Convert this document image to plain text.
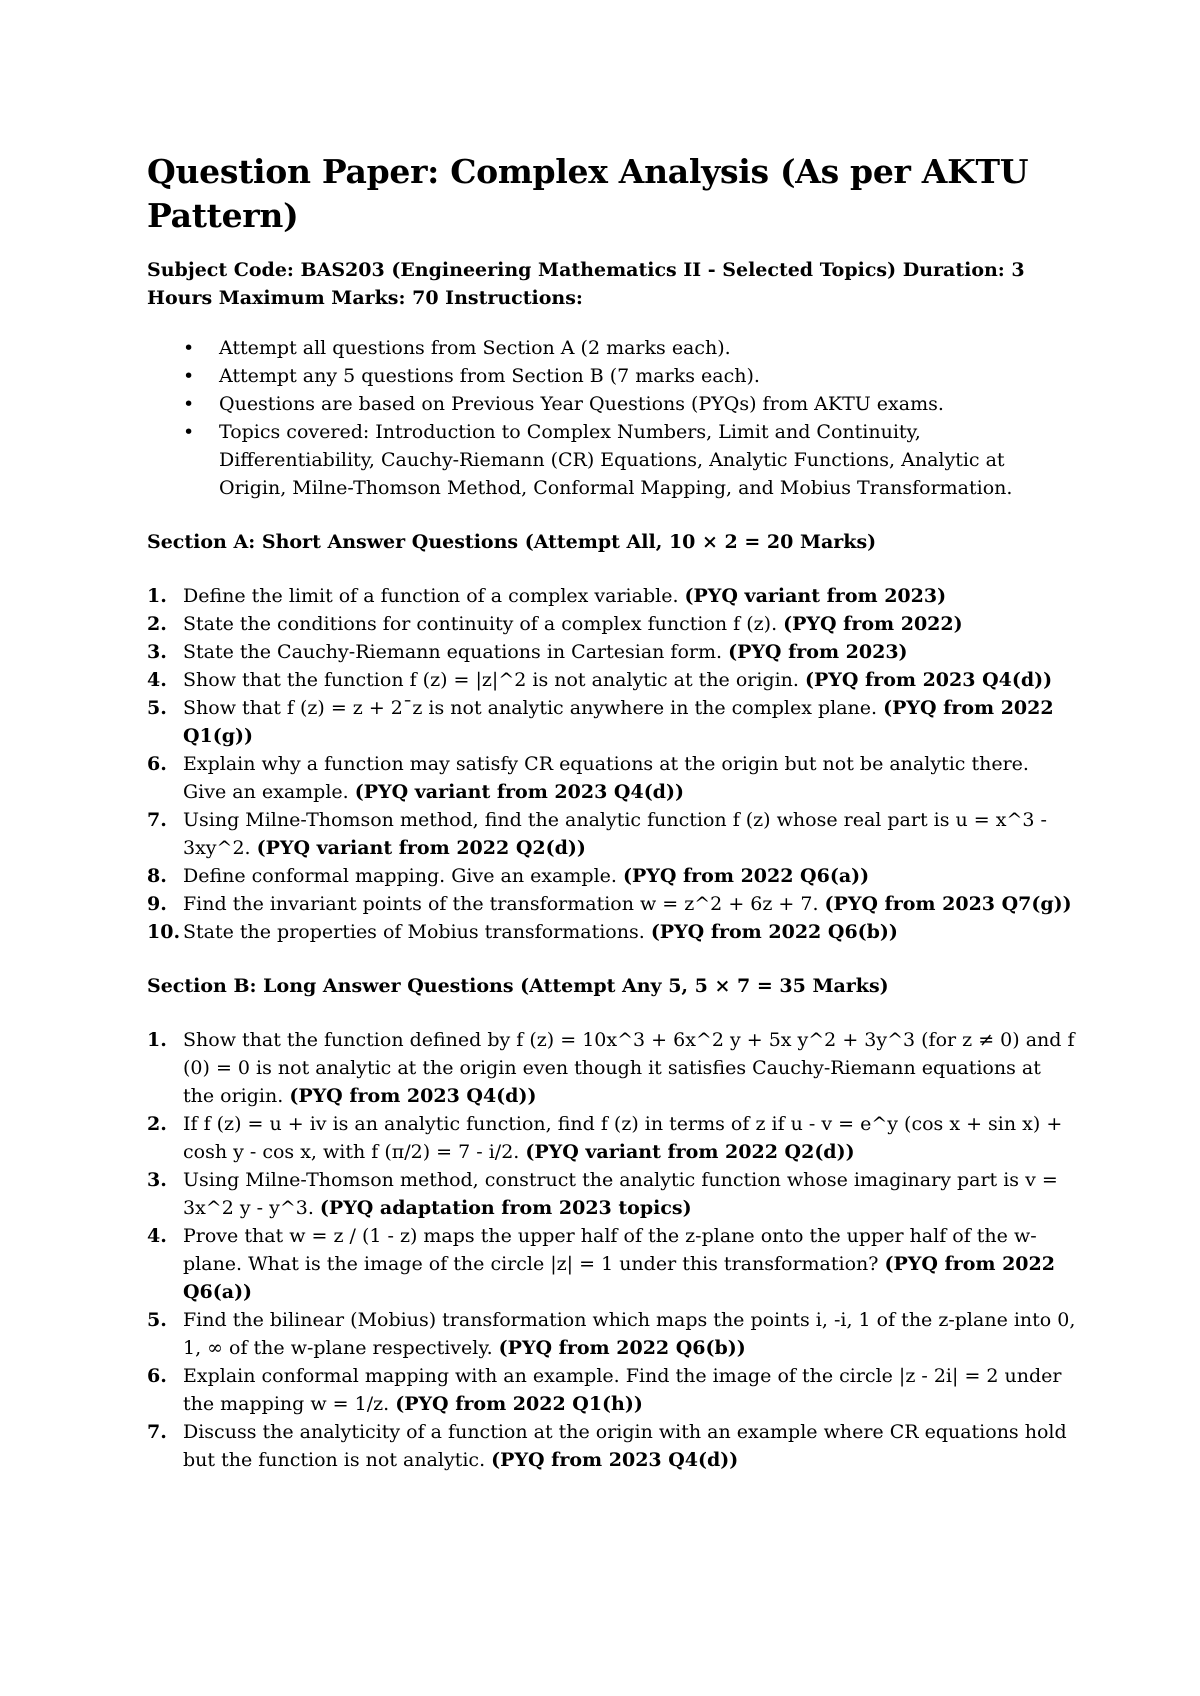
Question Paper: Complex Analysis (As per AKTU Pattern)

Subject Code: BAS203 (Engineering Mathematics II - Selected Topics) Duration: 3 Hours Maximum Marks: 70 Instructions:

• Attempt all questions from Section A (2 marks each).
• Attempt any 5 questions from Section B (7 marks each).
• Questions are based on Previous Year Questions (PYQs) from AKTU exams.
• Topics covered: Introduction to Complex Numbers, Limit and Continuity, Differentiability, Cauchy-Riemann (CR) Equations, Analytic Functions, Analytic at Origin, Milne-Thomson Method, Conformal Mapping, and Mobius Transformation.

Section A: Short Answer Questions (Attempt All, 10 × 2 = 20 Marks)

1. Define the limit of a function of a complex variable. (PYQ variant from 2023)
2. State the conditions for continuity of a complex function f (z). (PYQ from 2022)
3. State the Cauchy-Riemann equations in Cartesian form. (PYQ from 2023)
4. Show that the function f (z) = |z|^2 is not analytic at the origin. (PYQ from 2023 Q4(d))
5. Show that f (z) = z + 2¯z is not analytic anywhere in the complex plane. (PYQ from 2022 Q1(g))
6. Explain why a function may satisfy CR equations at the origin but not be analytic there. Give an example. (PYQ variant from 2023 Q4(d))
7. Using Milne-Thomson method, find the analytic function f (z) whose real part is u = x^3 - 3xy^2. (PYQ variant from 2022 Q2(d))
8. Define conformal mapping. Give an example. (PYQ from 2022 Q6(a))
9. Find the invariant points of the transformation w = z^2 + 6z + 7. (PYQ from 2023 Q7(g))
10. State the properties of Mobius transformations. (PYQ from 2022 Q6(b))

Section B: Long Answer Questions (Attempt Any 5, 5 × 7 = 35 Marks)

1. Show that the function defined by f (z) = 10x^3 + 6x^2 y + 5x y^2 + 3y^3 (for z ≠ 0) and f (0) = 0 is not analytic at the origin even though it satisfies Cauchy-Riemann equations at the origin. (PYQ from 2023 Q4(d))
2. If f (z) = u + iv is an analytic function, find f (z) in terms of z if u - v = e^y (cos x + sin x) + cosh y - cos x, with f (π/2) = 7 - i/2. (PYQ variant from 2022 Q2(d))
3. Using Milne-Thomson method, construct the analytic function whose imaginary part is v = 3x^2 y - y^3. (PYQ adaptation from 2023 topics)
4. Prove that w = z / (1 - z) maps the upper half of the z-plane onto the upper half of the w-plane. What is the image of the circle |z| = 1 under this transformation? (PYQ from 2022 Q6(a))
5. Find the bilinear (Mobius) transformation which maps the points i, -i, 1 of the z-plane into 0, 1, ∞ of the w-plane respectively. (PYQ from 2022 Q6(b))
6. Explain conformal mapping with an example. Find the image of the circle |z - 2i| = 2 under the mapping w = 1/z. (PYQ from 2022 Q1(h))
7. Discuss the analyticity of a function at the origin with an example where CR equations hold but the function is not analytic. (PYQ from 2023 Q4(d))
